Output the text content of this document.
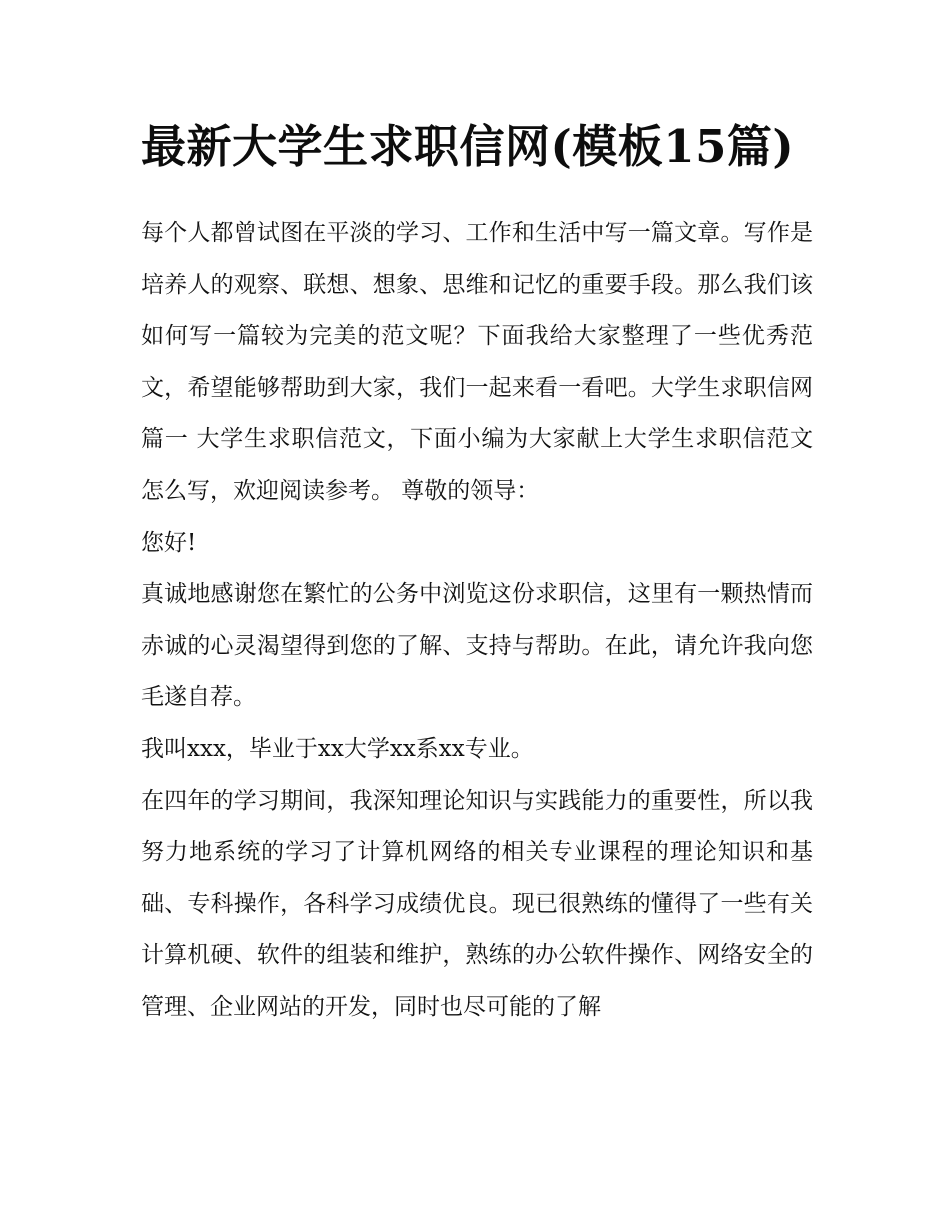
最新大学生求职信网(模板15篇)

每个人都曾试图在平淡的学习、工作和生活中写一篇文章。写作是培养人的观察、联想、想象、思维和记忆的重要手段。那么我们该如何写一篇较为完美的范文呢？下面我给大家整理了一些优秀范文，希望能够帮助到大家，我们一起来看一看吧。大学生求职信网篇一 大学生求职信范文，下面小编为大家献上大学生求职信范文怎么写，欢迎阅读参考。 尊敬的领导：

您好!

真诚地感谢您在繁忙的公务中浏览这份求职信，这里有一颗热情而赤诚的心灵渴望得到您的了解、支持与帮助。在此，请允许我向您毛遂自荐。

我叫xxx，毕业于xx大学xx系xx专业。

在四年的学习期间，我深知理论知识与实践能力的重要性，所以我努力地系统的学习了计算机网络的相关专业课程的理论知识和基础、专科操作，各科学习成绩优良。现已很熟练的懂得了一些有关计算机硬、软件的组装和维护，熟练的办公软件操作、网络安全的管理、企业网站的开发，同时也尽可能的了解
